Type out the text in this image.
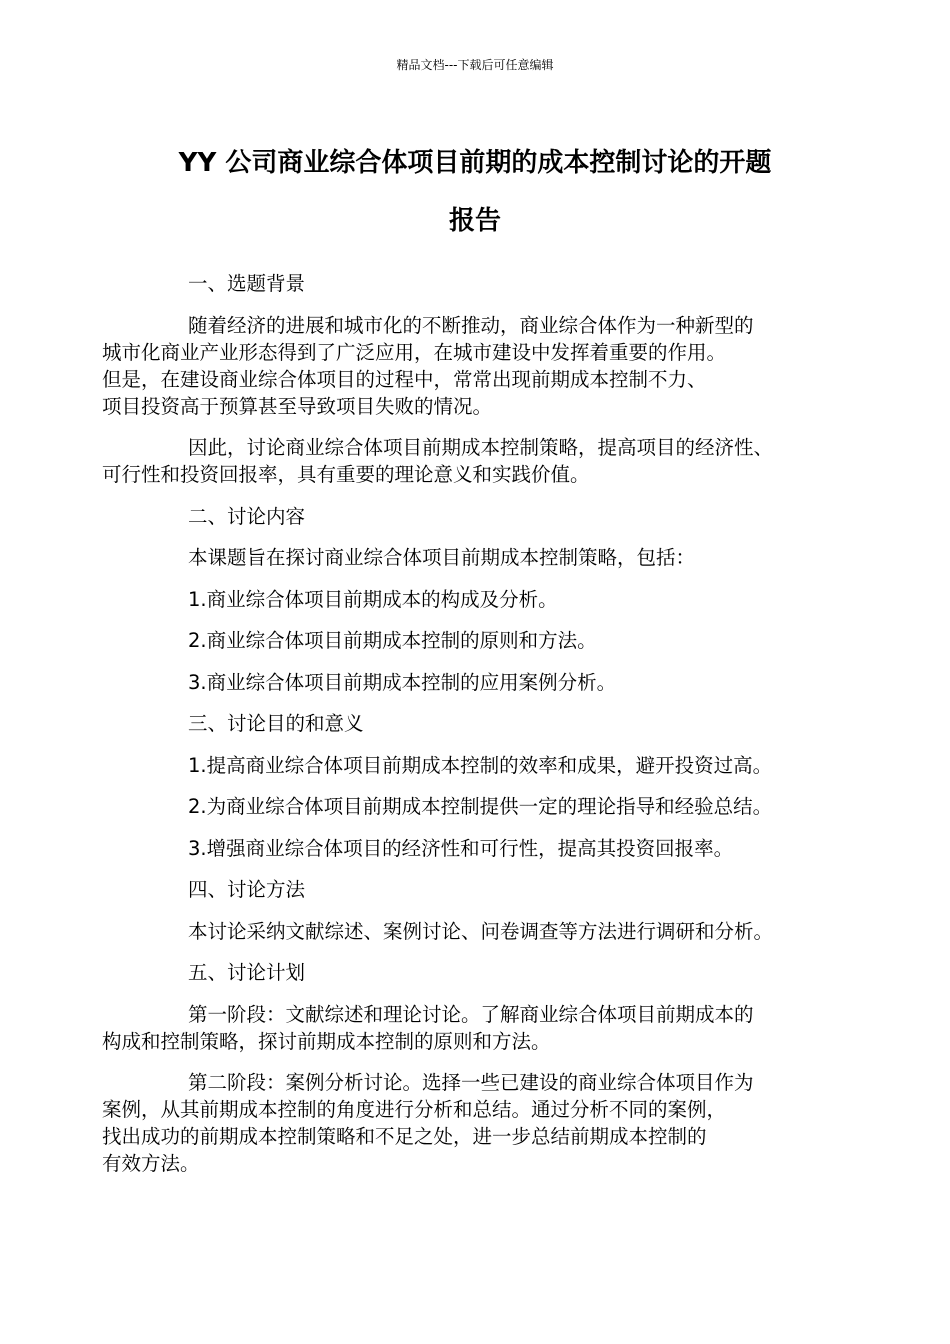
精品文档---下载后可任意编辑
YY 公司商业综合体项目前期的成本控制讨论的开题
报告

一、选题背景

随着经济的进展和城市化的不断推动，商业综合体作为一种新型的
城市化商业产业形态得到了广泛应用，在城市建设中发挥着重要的作用。
但是，在建设商业综合体项目的过程中，常常出现前期成本控制不力、
项目投资高于预算甚至导致项目失败的情况。

因此，讨论商业综合体项目前期成本控制策略，提高项目的经济性、
可行性和投资回报率，具有重要的理论意义和实践价值。

二、讨论内容

本课题旨在探讨商业综合体项目前期成本控制策略，包括：

1.商业综合体项目前期成本的构成及分析。

2.商业综合体项目前期成本控制的原则和方法。

3.商业综合体项目前期成本控制的应用案例分析。

三、讨论目的和意义

1.提高商业综合体项目前期成本控制的效率和成果，避开投资过高。

2.为商业综合体项目前期成本控制提供一定的理论指导和经验总结。

3.增强商业综合体项目的经济性和可行性，提高其投资回报率。

四、讨论方法

本讨论采纳文献综述、案例讨论、问卷调查等方法进行调研和分析。

五、讨论计划

第一阶段：文献综述和理论讨论。了解商业综合体项目前期成本的
构成和控制策略，探讨前期成本控制的原则和方法。

第二阶段：案例分析讨论。选择一些已建设的商业综合体项目作为
案例，从其前期成本控制的角度进行分析和总结。通过分析不同的案例，
找出成功的前期成本控制策略和不足之处，进一步总结前期成本控制的
有效方法。
